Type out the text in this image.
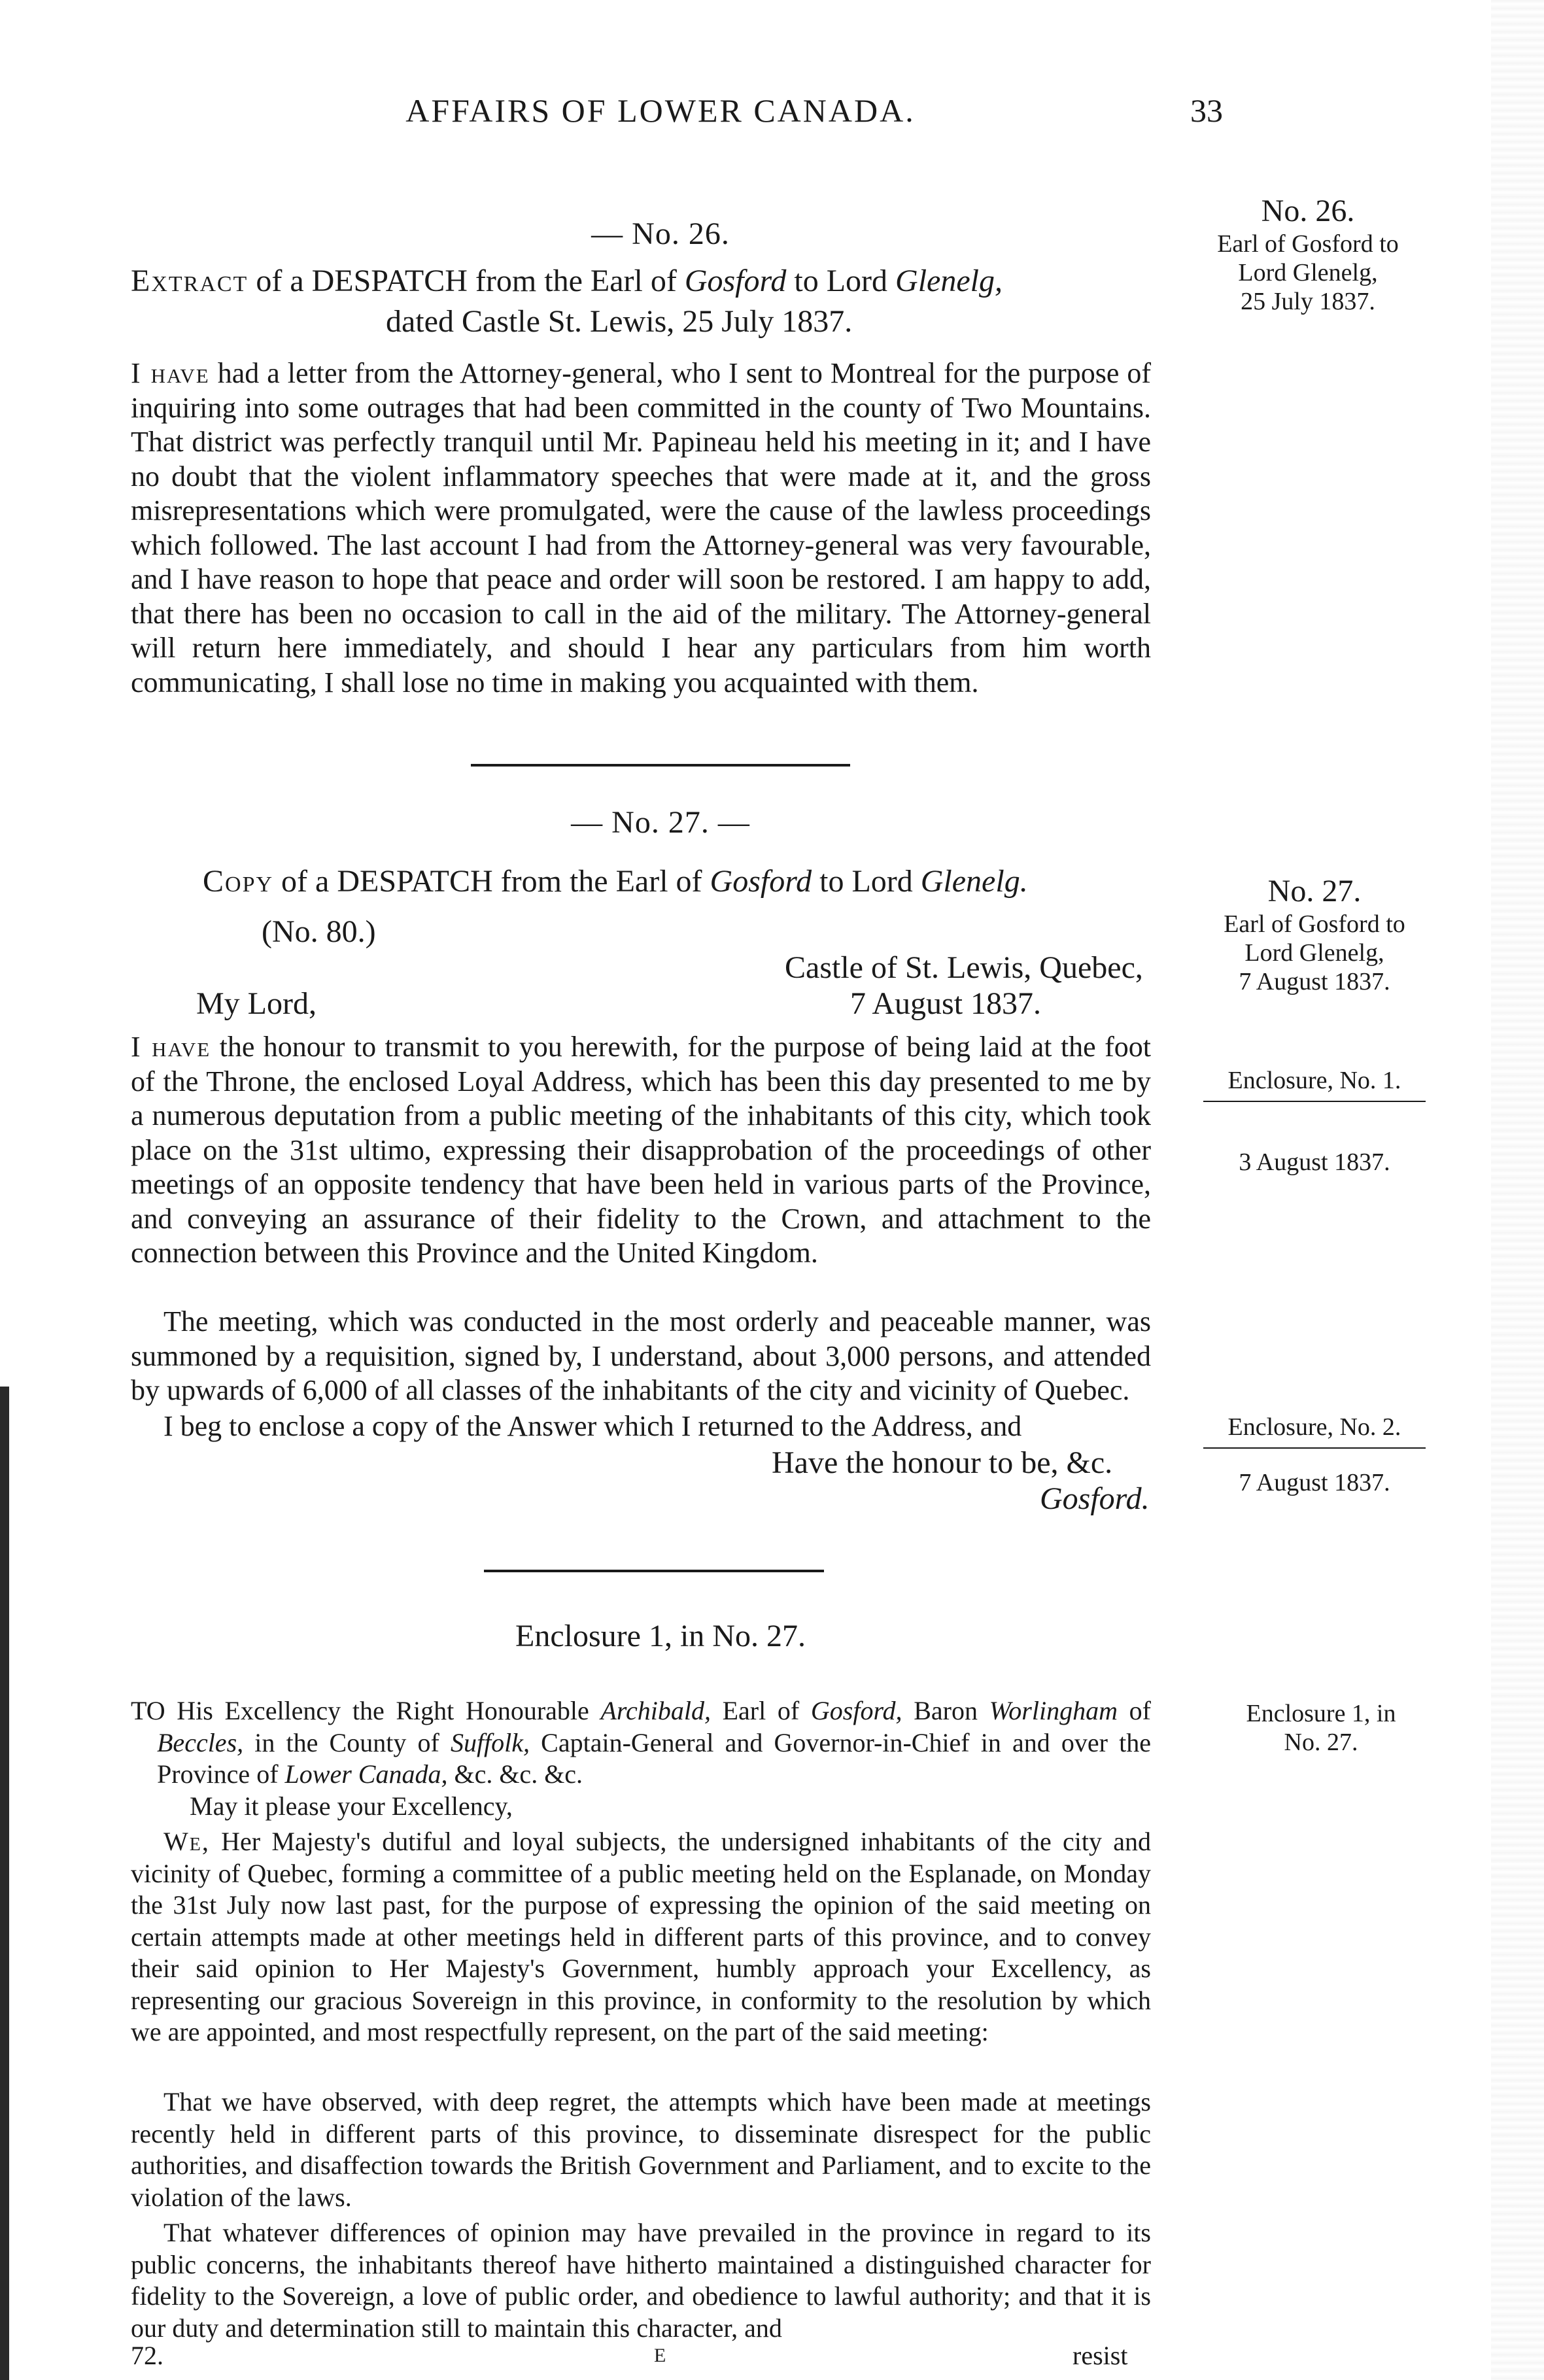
AFFAIRS OF LOWER CANADA.	33
— No. 26.
Extract of a DESPATCH from the Earl of Gosford to Lord Glenelg,
dated Castle St. Lewis, 25 July 1837.

I have had a letter from the Attorney-general, who I sent to Montreal for the purpose of inquiring into some outrages that had been committed in the county of Two Mountains. That district was perfectly tranquil until Mr. Papineau held his meeting in it; and I have no doubt that the violent inflammatory speeches that were made at it, and the gross misrepresentations which were promulgated, were the cause of the lawless proceedings which followed. The last account I had from the Attorney-general was very favourable, and I have reason to hope that peace and order will soon be restored. I am happy to add, that there has been no occasion to call in the aid of the military. The Attorney-general will return here immediately, and should I hear any particulars from him worth communicating, I shall lose no time in making you acquainted with them.

No. 26.
Earl of Gosford to
Lord Glenelg,
25 July 1837.
— No. 27. —
Copy of a DESPATCH from the Earl of Gosford to Lord Glenelg.
(No. 80.)
Castle of St. Lewis, Quebec,
My Lord,	7 August 1837.

I have the honour to transmit to you herewith, for the purpose of being laid at the foot of the Throne, the enclosed Loyal Address, which has been this day presented to me by a numerous deputation from a public meeting of the inhabitants of this city, which took place on the 31st ultimo, expressing their disapprobation of the proceedings of other meetings of an opposite tendency that have been held in various parts of the Province, and conveying an assurance of their fidelity to the Crown, and attachment to the connection between this Province and the United Kingdom.

The meeting, which was conducted in the most orderly and peaceable manner, was summoned by a requisition, signed by, I understand, about 3,000 persons, and attended by upwards of 6,000 of all classes of the inhabitants of the city and vicinity of Quebec.

I beg to enclose a copy of the Answer which I returned to the Address, and

Have the honour to be, &c.
Gosford.
No. 27.
Earl of Gosford to
Lord Glenelg,
7 August 1837.
Enclosure, No. 1.
3 August 1837.
Enclosure, No. 2.
7 August 1837.
Enclosure 1, in No. 27.

TO His Excellency the Right Honourable Archibald, Earl of Gosford, Baron Worlingham of Beccles, in the County of Suffolk, Captain-General and Governor-in-Chief in and over the Province of Lower Canada, &c. &c. &c.

May it please your Excellency,

We, Her Majesty's dutiful and loyal subjects, the undersigned inhabitants of the city and vicinity of Quebec, forming a committee of a public meeting held on the Esplanade, on Monday the 31st July now last past, for the purpose of expressing the opinion of the said meeting on certain attempts made at other meetings held in different parts of this province, and to convey their said opinion to Her Majesty's Government, humbly approach your Excellency, as representing our gracious Sovereign in this province, in conformity to the resolution by which we are appointed, and most respectfully represent, on the part of the said meeting:

That we have observed, with deep regret, the attempts which have been made at meetings recently held in different parts of this province, to disseminate disrespect for the public authorities, and disaffection towards the British Government and Parliament, and to excite to the violation of the laws.

That whatever differences of opinion may have prevailed in the province in regard to its public concerns, the inhabitants thereof have hitherto maintained a distinguished character for fidelity to the Sovereign, a love of public order, and obedience to lawful authority; and that it is our duty and determination still to maintain this character, and

Enclosure 1, in
No. 27.
72.	E	resist
